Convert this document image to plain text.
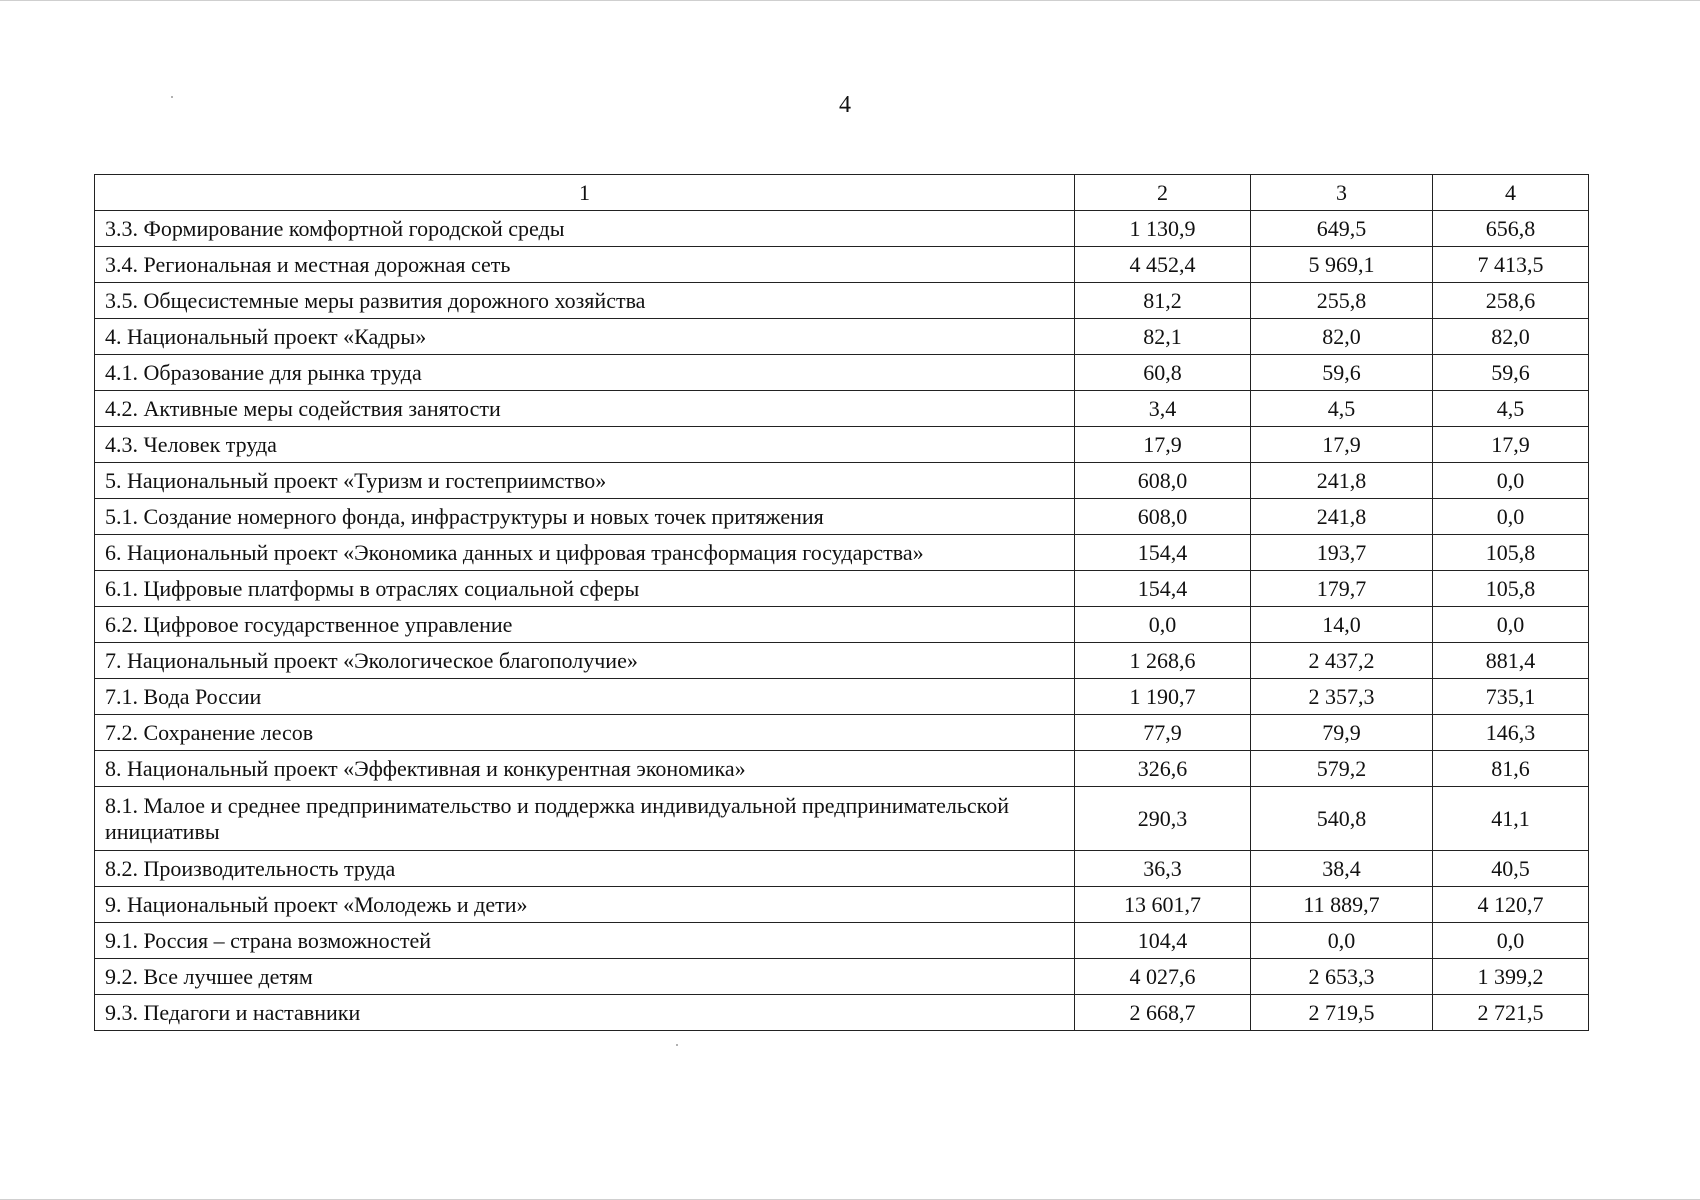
4
1	2	3	4
3.3. Формирование комфортной городской среды	1 130,9	649,5	656,8
3.4. Региональная и местная дорожная сеть	4 452,4	5 969,1	7 413,5
3.5. Общесистемные меры развития дорожного хозяйства	81,2	255,8	258,6
4. Национальный проект «Кадры»	82,1	82,0	82,0
4.1. Образование для рынка труда	60,8	59,6	59,6
4.2. Активные меры содействия занятости	3,4	4,5	4,5
4.3. Человек труда	17,9	17,9	17,9
5. Национальный проект «Туризм и гостеприимство»	608,0	241,8	0,0
5.1. Создание номерного фонда, инфраструктуры и новых точек притяжения	608,0	241,8	0,0
6. Национальный проект «Экономика данных и цифровая трансформация государства»	154,4	193,7	105,8
6.1. Цифровые платформы в отраслях социальной сферы	154,4	179,7	105,8
6.2. Цифровое государственное управление	0,0	14,0	0,0
7. Национальный проект «Экологическое благополучие»	1 268,6	2 437,2	881,4
7.1. Вода России	1 190,7	2 357,3	735,1
7.2. Сохранение лесов	77,9	79,9	146,3
8. Национальный проект «Эффективная и конкурентная экономика»	326,6	579,2	81,6
8.1. Малое и среднее предпринимательство и поддержка индивидуальной предпринимательской инициативы	290,3	540,8	41,1
8.2. Производительность труда	36,3	38,4	40,5
9. Национальный проект «Молодежь и дети»	13 601,7	11 889,7	4 120,7
9.1. Россия – страна возможностей	104,4	0,0	0,0
9.2. Все лучшее детям	4 027,6	2 653,3	1 399,2
9.3. Педагоги и наставники	2 668,7	2 719,5	2 721,5
